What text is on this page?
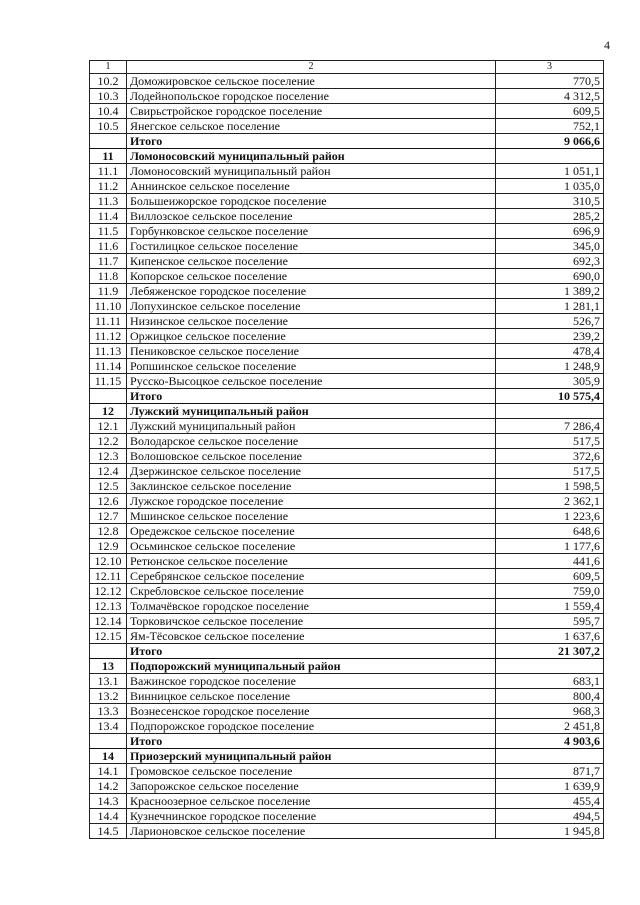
4
1	2	3
10.2	Доможировское сельское поселение	770,5
10.3	Лодейнопольское городское поселение	4 312,5
10.4	Свирьстройское городское поселение	609,5
10.5	Янегское сельское поселение	752,1
	Итого	9 066,6
11	Ломоносовский муниципальный район	
11.1	Ломоносовский муниципальный район	1 051,1
11.2	Аннинское сельское поселение	1 035,0
11.3	Большеижорское городское поселение	310,5
11.4	Виллозское сельское поселение	285,2
11.5	Горбунковское сельское поселение	696,9
11.6	Гостилицкое сельское поселение	345,0
11.7	Кипенское сельское поселение	692,3
11.8	Копорское сельское поселение	690,0
11.9	Лебяженское городское поселение	1 389,2
11.10	Лопухинское сельское поселение	1 281,1
11.11	Низинское сельское поселение	526,7
11.12	Оржицкое сельское поселение	239,2
11.13	Пениковское сельское поселение	478,4
11.14	Ропшинское сельское поселение	1 248,9
11.15	Русско-Высоцкое сельское поселение	305,9
	Итого	10 575,4
12	Лужский муниципальный район	
12.1	Лужский муниципальный район	7 286,4
12.2	Володарское сельское поселение	517,5
12.3	Волошовское сельское поселение	372,6
12.4	Дзержинское сельское поселение	517,5
12.5	Заклинское сельское поселение	1 598,5
12.6	Лужское городское поселение	2 362,1
12.7	Мшинское сельское поселение	1 223,6
12.8	Оредежское сельское поселение	648,6
12.9	Осьминское сельское поселение	1 177,6
12.10	Ретюнское сельское поселение	441,6
12.11	Серебрянское сельское поселение	609,5
12.12	Скребловское сельское поселение	759,0
12.13	Толмачёвское городское поселение	1 559,4
12.14	Торковичское сельское поселение	595,7
12.15	Ям-Тёсовское сельское поселение	1 637,6
	Итого	21 307,2
13	Подпорожский муниципальный район	
13.1	Важинское городское поселение	683,1
13.2	Винницкое сельское поселение	800,4
13.3	Вознесенское городское поселение	968,3
13.4	Подпорожское городское поселение	2 451,8
	Итого	4 903,6
14	Приозерский муниципальный район	
14.1	Громовское сельское поселение	871,7
14.2	Запорожское сельское поселение	1 639,9
14.3	Красноозерное сельское поселение	455,4
14.4	Кузнечнинское городское поселение	494,5
14.5	Ларионовское сельское поселение	1 945,8
